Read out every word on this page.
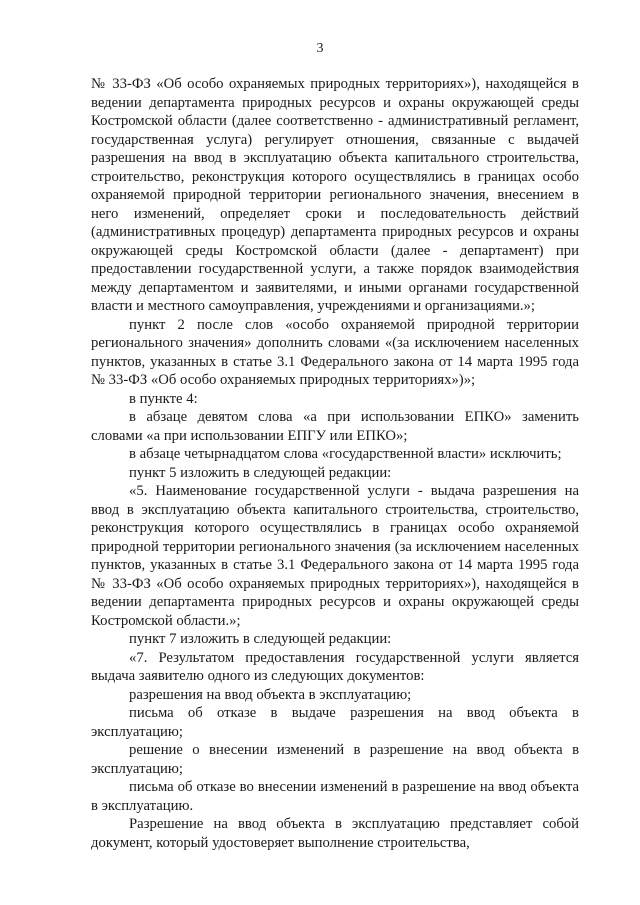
3

№ 33-ФЗ «Об особо охраняемых природных территориях»), находящейся в ведении департамента природных ресурсов и охраны окружающей среды Костромской области (далее соответственно - административный регламент, государственная услуга) регулирует отношения, связанные с выдачей разрешения на ввод в эксплуатацию объекта капитального строительства, строительство, реконструкция которого осуществлялись в границах особо охраняемой природной территории регионального значения, внесением в него изменений, определяет сроки и последовательность действий (административных процедур) департамента природных ресурсов и охраны окружающей среды Костромской области (далее - департамент) при предоставлении государственной услуги, а также порядок взаимодействия между департаментом и заявителями, и иными органами государственной власти и местного самоуправления, учреждениями и организациями.»;

пункт 2 после слов «особо охраняемой природной территории регионального значения» дополнить словами «(за исключением населенных пунктов, указанных в статье 3.1 Федерального закона от 14 марта 1995 года № 33-ФЗ «Об особо охраняемых природных территориях»)»;

в пункте 4:

в абзаце девятом слова «а при использовании ЕПКО» заменить словами «а при использовании ЕПГУ или ЕПКО»;

в абзаце четырнадцатом слова «государственной власти» исключить;

пункт 5 изложить в следующей редакции:

«5. Наименование государственной услуги - выдача разрешения на ввод в эксплуатацию объекта капитального строительства, строительство, реконструкция которого осуществлялись в границах особо охраняемой природной территории регионального значения (за исключением населенных пунктов, указанных в статье 3.1 Федерального закона от 14 марта 1995 года № 33-ФЗ «Об особо охраняемых природных территориях»), находящейся в ведении департамента природных ресурсов и охраны окружающей среды Костромской области.»;

пункт 7 изложить в следующей редакции:

«7. Результатом предоставления государственной услуги является выдача заявителю одного из следующих документов:

разрешения на ввод объекта в эксплуатацию;

письма об отказе в выдаче разрешения на ввод объекта в эксплуатацию;

решение о внесении изменений в разрешение на ввод объекта в эксплуатацию;

письма об отказе во внесении изменений в разрешение на ввод объекта в эксплуатацию.

Разрешение на ввод объекта в эксплуатацию представляет собой документ, который удостоверяет выполнение строительства,
